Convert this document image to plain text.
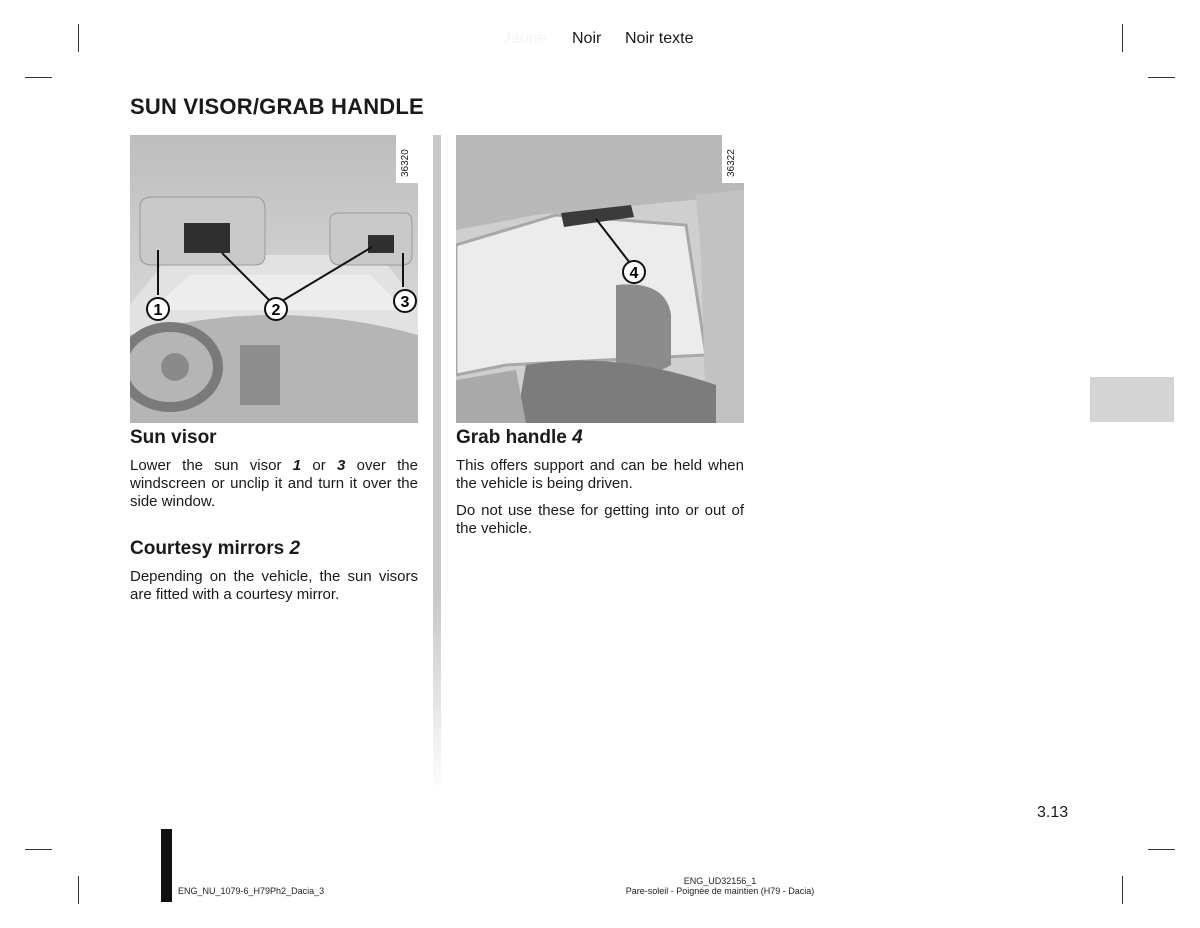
Jaune Noir Noir texte
SUN VISOR/GRAB HANDLE
1	2	3
36320
4
36322
Sun visor
Lower the sun visor 1 or 3 over the windscreen or unclip it and turn it over the side window.
Courtesy mirrors 2
Depending on the vehicle, the sun visors are fitted with a courtesy mirror.
Grab handle 4
This offers support and can be held when the vehicle is being driven.
Do not use these for getting into or out of the vehicle.
3.13
ENG_NU_1079-6_H79Ph2_Dacia_3
ENG_UD32156_1
Pare-soleil - Poignée de maintien (H79 - Dacia)
